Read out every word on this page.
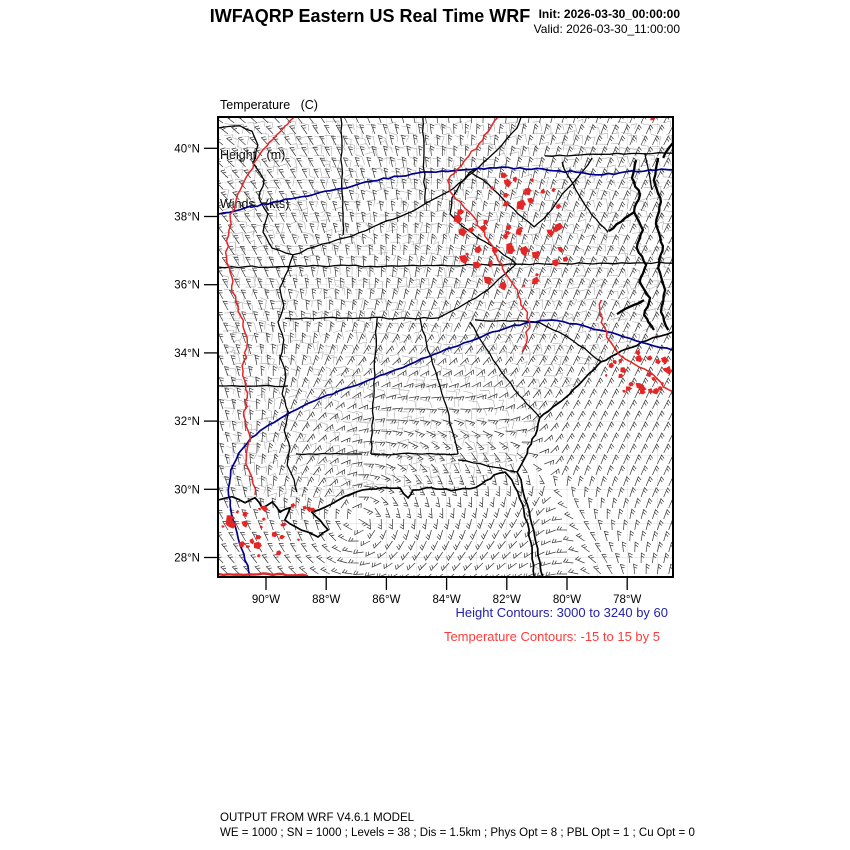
IWFAQRP Eastern US Real Time WRF Init: 2026-03-30_00:00:00
Valid: 2026-03-30_11:00:00

Temperature   (C)

Height   (m)

Winds   (kts)

40°N
38°N
36°N
34°N
32°N
30°N
28°N
90°W	88°W	86°W	84°W	82°W	80°W	78°W
Height Contours: 3000 to 3240 by 60
Temperature Contours: -15 to 15 by 5
OUTPUT FROM WRF V4.6.1 MODEL
WE = 1000 ; SN = 1000 ; Levels = 38 ; Dis = 1.5km ; Phys Opt = 8 ; PBL Opt = 1 ; Cu Opt = 0
